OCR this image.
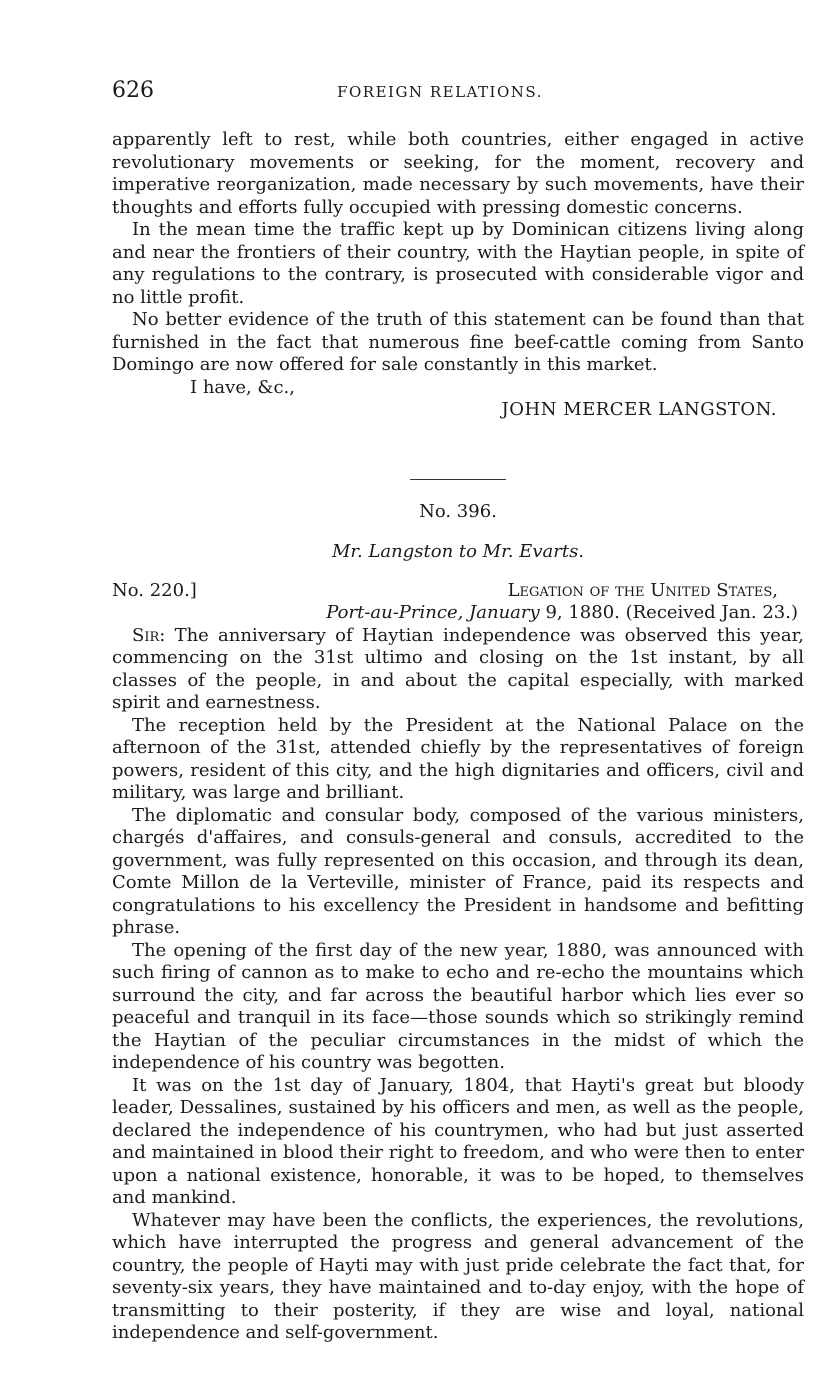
626	FOREIGN RELATIONS.

apparently left to rest, while both countries, either engaged in active revolutionary movements or seeking, for the moment, recovery and imperative reorganization, made necessary by such movements, have their thoughts and efforts fully occupied with pressing domestic concerns.

In the mean time the traffic kept up by Dominican citizens living along and near the frontiers of their country, with the Haytian people, in spite of any regulations to the contrary, is prosecuted with considerable vigor and no little profit.

No better evidence of the truth of this statement can be found than that furnished in the fact that numerous fine beef-cattle coming from Santo Domingo are now offered for sale constantly in this market.

I have, &c.,

JOHN MERCER LANGSTON.
No. 396.
Mr. Langston to Mr. Evarts.
No. 220.]	Legation of the United States,
Port-au-Prince, January 9, 1880. (Received Jan. 23.)

Sir: The anniversary of Haytian independence was observed this year, commencing on the 31st ultimo and closing on the 1st instant, by all classes of the people, in and about the capital especially, with marked spirit and earnestness.

The reception held by the President at the National Palace on the afternoon of the 31st, attended chiefly by the representatives of foreign powers, resident of this city, and the high dignitaries and officers, civil and military, was large and brilliant.

The diplomatic and consular body, composed of the various ministers, chargés d'affaires, and consuls-general and consuls, accredited to the government, was fully represented on this occasion, and through its dean, Comte Millon de la Verteville, minister of France, paid its respects and congratulations to his excellency the President in handsome and befitting phrase.

The opening of the first day of the new year, 1880, was announced with such firing of cannon as to make to echo and re-echo the mountains which surround the city, and far across the beautiful harbor which lies ever so peaceful and tranquil in its face—those sounds which so strikingly remind the Haytian of the peculiar circumstances in the midst of which the independence of his country was begotten.

It was on the 1st day of January, 1804, that Hayti's great but bloody leader, Dessalines, sustained by his officers and men, as well as the people, declared the independence of his countrymen, who had but just asserted and maintained in blood their right to freedom, and who were then to enter upon a national existence, honorable, it was to be hoped, to themselves and mankind.

Whatever may have been the conflicts, the experiences, the revolutions, which have interrupted the progress and general advancement of the country, the people of Hayti may with just pride celebrate the fact that, for seventy-six years, they have maintained and to-day enjoy, with the hope of transmitting to their posterity, if they are wise and loyal, national independence and self-government.
